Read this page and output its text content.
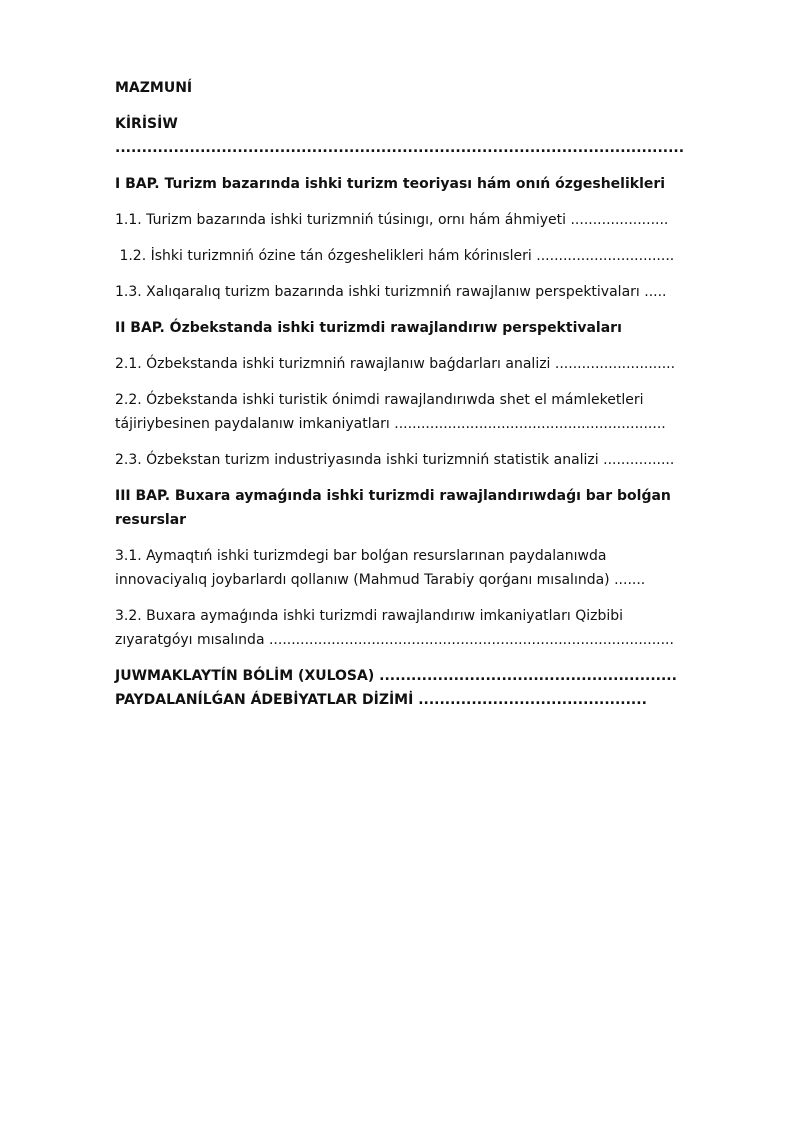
MAZMUNÍ

KİRİSİW ...........................................................................................................

I BAP. Turizm bazarında ishki turizm teoriyası hám onıń ózgeshelikleri

1.1. Turizm bazarında ishki turizmniń túsinıgı, ornı hám áhmiyeti ......................

1.2. İshki turizmniń ózine tán ózgeshelikleri hám kórinısleri ...............................

1.3. Xalıqaralıq turizm bazarında ishki turizmniń rawajlanıw perspektivaları .....

II BAP. Ózbekstanda ishki turizmdi rawajlandırıw perspektivaları

2.1. Ózbekstanda ishki turizmniń rawajlanıw baǵdarları analizi ...........................

2.2. Ózbekstanda ishki turistik ónimdi rawajlandırıwda shet el mámleketleri tájiriybesinen paydalanıw imkaniyatları .............................................................

2.3. Ózbekstan turizm industriyasında ishki turizmniń statistik analizi ................

III BAP. Buxara aymaǵında ishki turizmdi rawajlandırıwdaǵı bar bolǵan resurslar

3.1. Aymaqtıń ishki turizmdegi bar bolǵan resurslarınan paydalanıwda innovaciyalıq joybarlardı qollanıw (Mahmud Tarabiy qorǵanı mısalında) .......

3.2. Buxara aymaǵında ishki turizmdi rawajlandırıw imkaniyatları Qizbibi zıyaratgóyı mısalında ...........................................................................................

JUWMAKLAYTÍN BÓLİM (XULOSA) ........................................................

PAYDALANÍLǴAN ÁDEBİYATLAR DİZİMİ ...........................................
